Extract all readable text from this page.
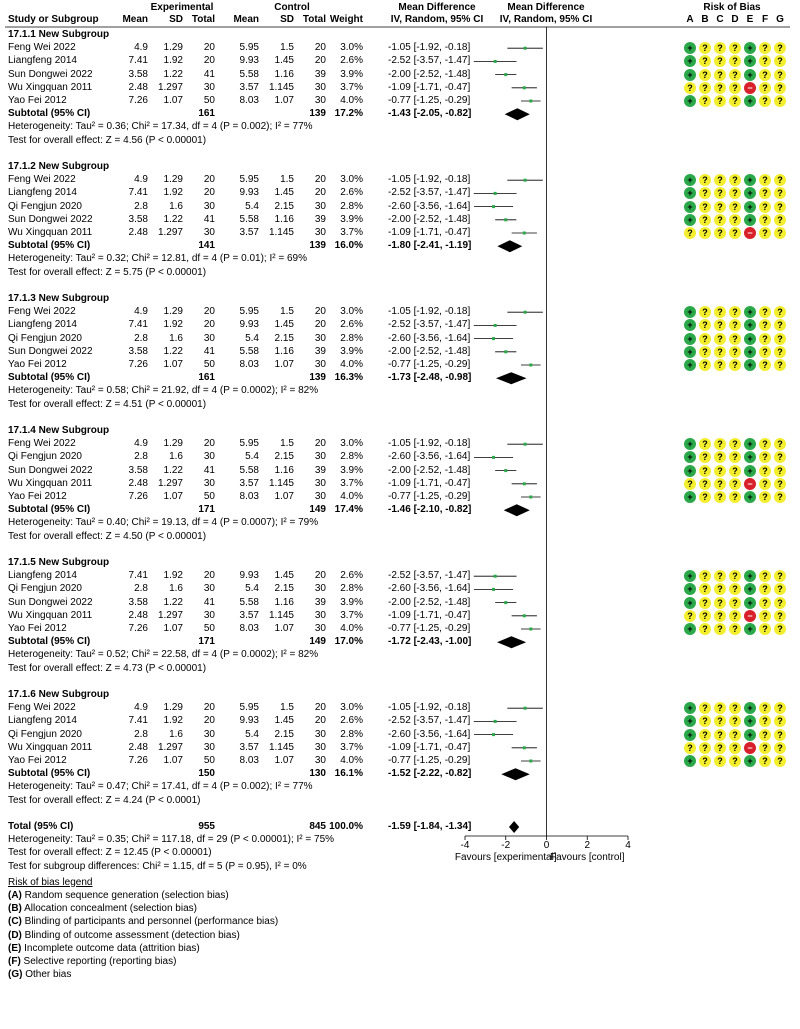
Experimental	Control	Mean Difference	Mean Difference	Risk of Bias
Study or Subgroup	Mean	SD Total	Mean	SD Total Weight	IV, Random, 95% CI	IV, Random, 95% CI	A B C D E F G
17.1.1 New Subgroup
Feng Wei 2022	4.9	1.29	20	5.95	1.5	20	3.0%	-1.05 [-1.92, -0.18]	+	?	?	?	+	?	?
Liangfeng 2014	7.41	1.92	20	9.93	1.45	20	2.6%	-2.52 [-3.57, -1.47]	+	?	?	?	+	?	?
Sun Dongwei 2022	3.58	1.22	41	5.58	1.16	39	3.9%	-2.00 [-2.52, -1.48]	+	?	?	?	+	?	?
Wu Xingquan 2011	2.48 1.297	30	3.57 1.145	30	3.7%	-1.09 [-1.71, -0.47]	?	?	?	?	−	?	?
Yao Fei 2012	7.26	1.07	50	8.03	1.07	30	4.0%	-0.77 [-1.25, -0.29]	+	?	?	?	+	?	?
Subtotal (95% CI)	161	139 17.2%	-1.43 [-2.05, -0.82]
Heterogeneity: Tau² = 0.36; Chi² = 17.34, df = 4 (P = 0.002); I² = 77%
Test for overall effect: Z = 4.56 (P < 0.00001)
17.1.2 New Subgroup
Feng Wei 2022	4.9	1.29	20	5.95	1.5	20	3.0%	-1.05 [-1.92, -0.18]	+	?	?	?	+	?	?
Liangfeng 2014	7.41	1.92	20	9.93	1.45	20	2.6%	-2.52 [-3.57, -1.47]	+	?	?	?	+	?	?
Qi Fengjun 2020	2.8	1.6	30	5.4	2.15	30	2.8%	-2.60 [-3.56, -1.64]	+	?	?	?	+	?	?
Sun Dongwei 2022	3.58	1.22	41	5.58	1.16	39	3.9%	-2.00 [-2.52, -1.48]	+	?	?	?	+	?	?
Wu Xingquan 2011	2.48 1.297	30	3.57 1.145	30	3.7%	-1.09 [-1.71, -0.47]	?	?	?	?	−	?	?
Subtotal (95% CI)	141	139 16.0%	-1.80 [-2.41, -1.19]
Heterogeneity: Tau² = 0.32; Chi² = 12.81, df = 4 (P = 0.01); I² = 69%
Test for overall effect: Z = 5.75 (P < 0.00001)
17.1.3 New Subgroup
Feng Wei 2022	4.9	1.29	20	5.95	1.5	20	3.0%	-1.05 [-1.92, -0.18]	+	?	?	?	+	?	?
Liangfeng 2014	7.41	1.92	20	9.93	1.45	20	2.6%	-2.52 [-3.57, -1.47]	+	?	?	?	+	?	?
Qi Fengjun 2020	2.8	1.6	30	5.4	2.15	30	2.8%	-2.60 [-3.56, -1.64]	+	?	?	?	+	?	?
Sun Dongwei 2022	3.58	1.22	41	5.58	1.16	39	3.9%	-2.00 [-2.52, -1.48]	+	?	?	?	+	?	?
Yao Fei 2012	7.26	1.07	50	8.03	1.07	30	4.0%	-0.77 [-1.25, -0.29]	+	?	?	?	+	?	?
Subtotal (95% CI)	161	139 16.3%	-1.73 [-2.48, -0.98]
Heterogeneity: Tau² = 0.58; Chi² = 21.92, df = 4 (P = 0.0002); I² = 82%
Test for overall effect: Z = 4.51 (P < 0.00001)
17.1.4 New Subgroup
Feng Wei 2022	4.9	1.29	20	5.95	1.5	20	3.0%	-1.05 [-1.92, -0.18]	+	?	?	?	+	?	?
Qi Fengjun 2020	2.8	1.6	30	5.4	2.15	30	2.8%	-2.60 [-3.56, -1.64]	+	?	?	?	+	?	?
Sun Dongwei 2022	3.58	1.22	41	5.58	1.16	39	3.9%	-2.00 [-2.52, -1.48]	+	?	?	?	+	?	?
Wu Xingquan 2011	2.48 1.297	30	3.57 1.145	30	3.7%	-1.09 [-1.71, -0.47]	?	?	?	?	−	?	?
Yao Fei 2012	7.26	1.07	50	8.03	1.07	30	4.0%	-0.77 [-1.25, -0.29]	+	?	?	?	+	?	?
Subtotal (95% CI)	171	149 17.4%	-1.46 [-2.10, -0.82]
Heterogeneity: Tau² = 0.40; Chi² = 19.13, df = 4 (P = 0.0007); I² = 79%
Test for overall effect: Z = 4.50 (P < 0.00001)
17.1.5 New Subgroup
Liangfeng 2014	7.41	1.92	20	9.93	1.45	20	2.6%	-2.52 [-3.57, -1.47]	+	?	?	?	+	?	?
Qi Fengjun 2020	2.8	1.6	30	5.4	2.15	30	2.8%	-2.60 [-3.56, -1.64]	+	?	?	?	+	?	?
Sun Dongwei 2022	3.58	1.22	41	5.58	1.16	39	3.9%	-2.00 [-2.52, -1.48]	+	?	?	?	+	?	?
Wu Xingquan 2011	2.48 1.297	30	3.57 1.145	30	3.7%	-1.09 [-1.71, -0.47]	?	?	?	?	−	?	?
Yao Fei 2012	7.26	1.07	50	8.03	1.07	30	4.0%	-0.77 [-1.25, -0.29]	+	?	?	?	+	?	?
Subtotal (95% CI)	171	149 17.0%	-1.72 [-2.43, -1.00]
Heterogeneity: Tau² = 0.52; Chi² = 22.58, df = 4 (P = 0.0002); I² = 82%
Test for overall effect: Z = 4.73 (P < 0.00001)
17.1.6 New Subgroup
Feng Wei 2022	4.9	1.29	20	5.95	1.5	20	3.0%	-1.05 [-1.92, -0.18]	+	?	?	?	+	?	?
Liangfeng 2014	7.41	1.92	20	9.93	1.45	20	2.6%	-2.52 [-3.57, -1.47]	+	?	?	?	+	?	?
Qi Fengjun 2020	2.8	1.6	30	5.4	2.15	30	2.8%	-2.60 [-3.56, -1.64]	+	?	?	?	+	?	?
Wu Xingquan 2011	2.48 1.297	30	3.57 1.145	30	3.7%	-1.09 [-1.71, -0.47]	?	?	?	?	−	?	?
Yao Fei 2012	7.26	1.07	50	8.03	1.07	30	4.0%	-0.77 [-1.25, -0.29]	+	?	?	?	+	?	?
Subtotal (95% CI)	150	130 16.1%	-1.52 [-2.22, -0.82]
Heterogeneity: Tau² = 0.47; Chi² = 17.41, df = 4 (P = 0.002); I² = 77%
Test for overall effect: Z = 4.24 (P < 0.0001)
Total (95% CI)	955	845 100.0%	-1.59 [-1.84, -1.34]
Heterogeneity: Tau² = 0.35; Chi² = 117.18, df = 29 (P < 0.00001); I² = 75%
Test for overall effect: Z = 12.45 (P < 0.00001)
Test for subgroup differences: Chi² = 1.15, df = 5 (P = 0.95), I² = 0%
-4	-2	0	2	4
Favours [experimental]
Favours [control]
Risk of bias legend
(A) Random sequence generation (selection bias)
(B) Allocation concealment (selection bias)
(C) Blinding of participants and personnel (performance bias)
(D) Blinding of outcome assessment (detection bias)
(E) Incomplete outcome data (attrition bias)
(F) Selective reporting (reporting bias)
(G) Other bias
